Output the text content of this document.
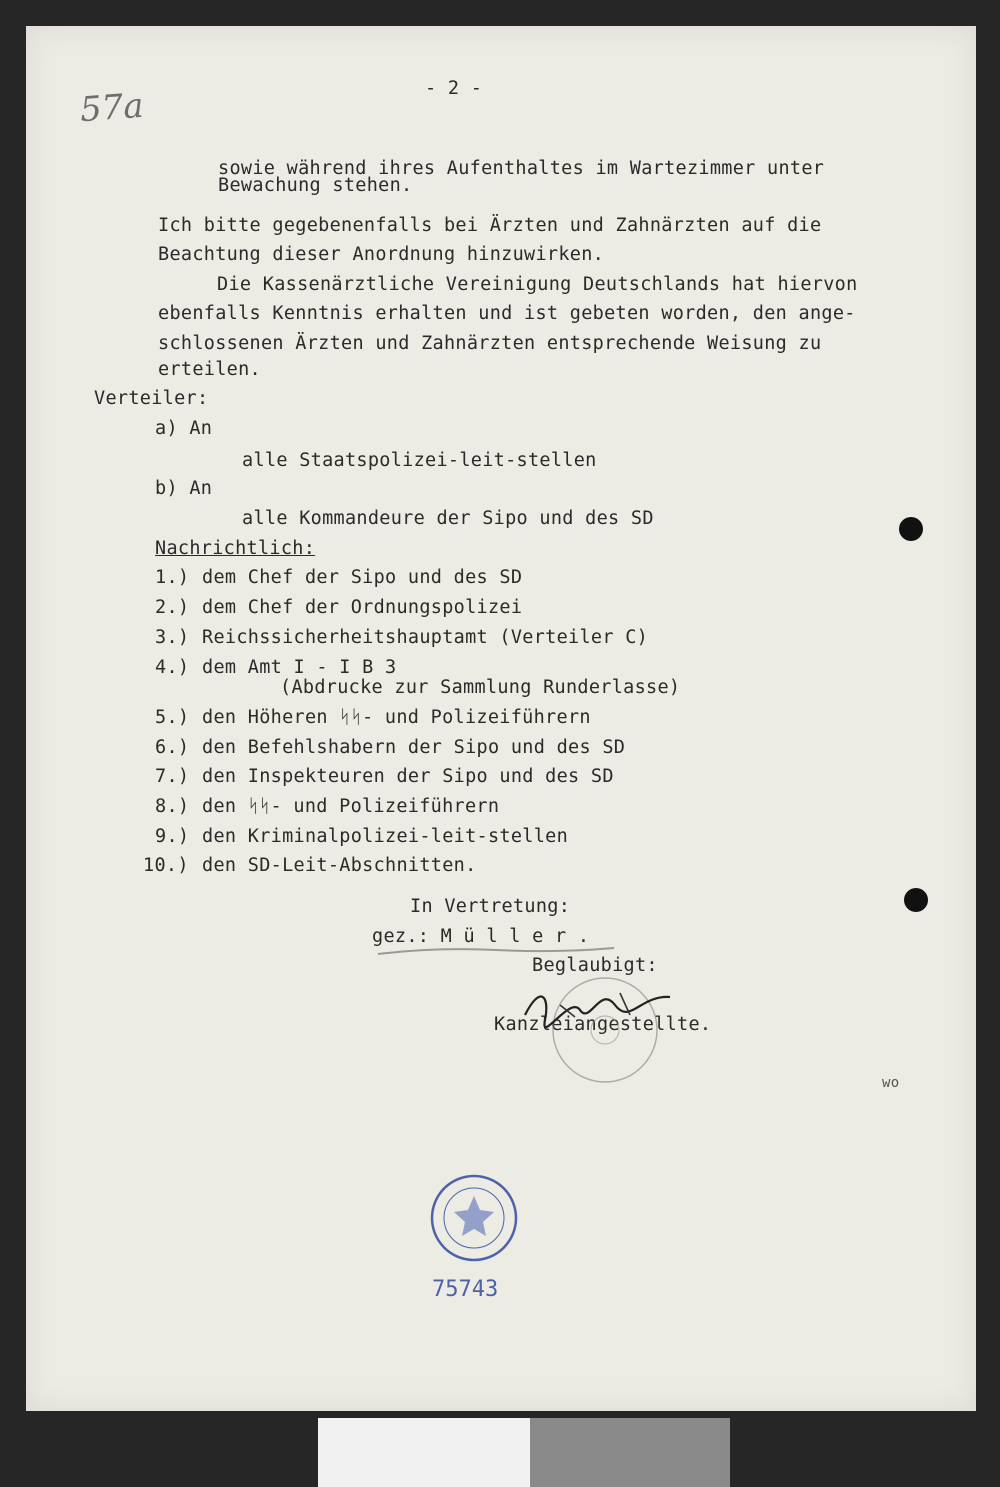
57a	- 2 -
sowie während ihres Aufenthaltes im Wartezimmer unter
Bewachung stehen.
Ich bitte gegebenenfalls bei Ärzten und Zahnärzten auf die
Beachtung dieser Anordnung hinzuwirken.
Die Kassenärztliche Vereinigung Deutschlands hat hiervon
ebenfalls Kenntnis erhalten und ist gebeten worden, den ange-
schlossenen Ärzten und Zahnärzten entsprechende Weisung zu
erteilen.
Verteiler:
a) An
alle Staatspolizei-leit-stellen
b) An
alle Kommandeure der Sipo und des SD
Nachrichtlich:
1.) dem Chef der Sipo und des SD
2.) dem Chef der Ordnungspolizei
3.) Reichssicherheitshauptamt (Verteiler C)
4.) dem Amt I - I B 3
(Abdrucke zur Sammlung Runderlasse)
5.) den Höheren ᛋᛋ- und Polizeiführern
6.) den Befehlshabern der Sipo und des SD
7.) den Inspekteuren der Sipo und des SD
8.) den ᛋᛋ- und Polizeiführern
9.) den Kriminalpolizei-leit-stellen
10.) den SD-Leit-Abschnitten.
In Vertretung:
gez.: M ü l l e r .
Beglaubigt:
Kanzleiangestellte.
wo
75743
